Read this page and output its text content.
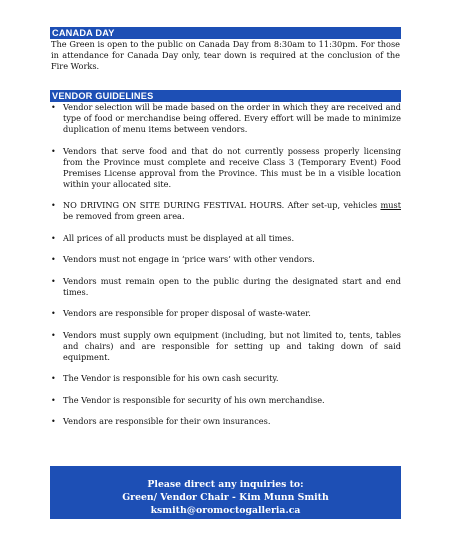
CANADA DAY

The Green is open to the public on Canada Day from 8:30am to 11:30pm. For those in attendance for Canada Day only, tear down is required at the conclusion of the Fire Works.

VENDOR GUIDELINES
• Vendor selection will be made based on the order in which they are received and type of food or merchandise being offered. Every effort will be made to minimize duplication of menu items between vendors.
• Vendors that serve food and that do not currently possess properly licensing from the Province must complete and receive Class 3 (Temporary Event) Food Premises License approval from the Province. This must be in a visible location within your allocated site.
• NO DRIVING ON SITE DURING FESTIVAL HOURS. After set-up, vehicles must be removed from green area.
• All prices of all products must be displayed at all times.
• Vendors must not engage in ‘price wars’ with other vendors.
• Vendors must remain open to the public during the designated start and end times.
• Vendors are responsible for proper disposal of waste-water.
• Vendors must supply own equipment (including, but not limited to, tents, tables and chairs) and are responsible for setting up and taking down of said equipment.
• The Vendor is responsible for his own cash security.
• The Vendor is responsible for security of his own merchandise.
• Vendors are responsible for their own insurances.
Please direct any inquiries to:
Green/ Vendor Chair - Kim Munn Smith
ksmith@oromoctogalleria.ca
